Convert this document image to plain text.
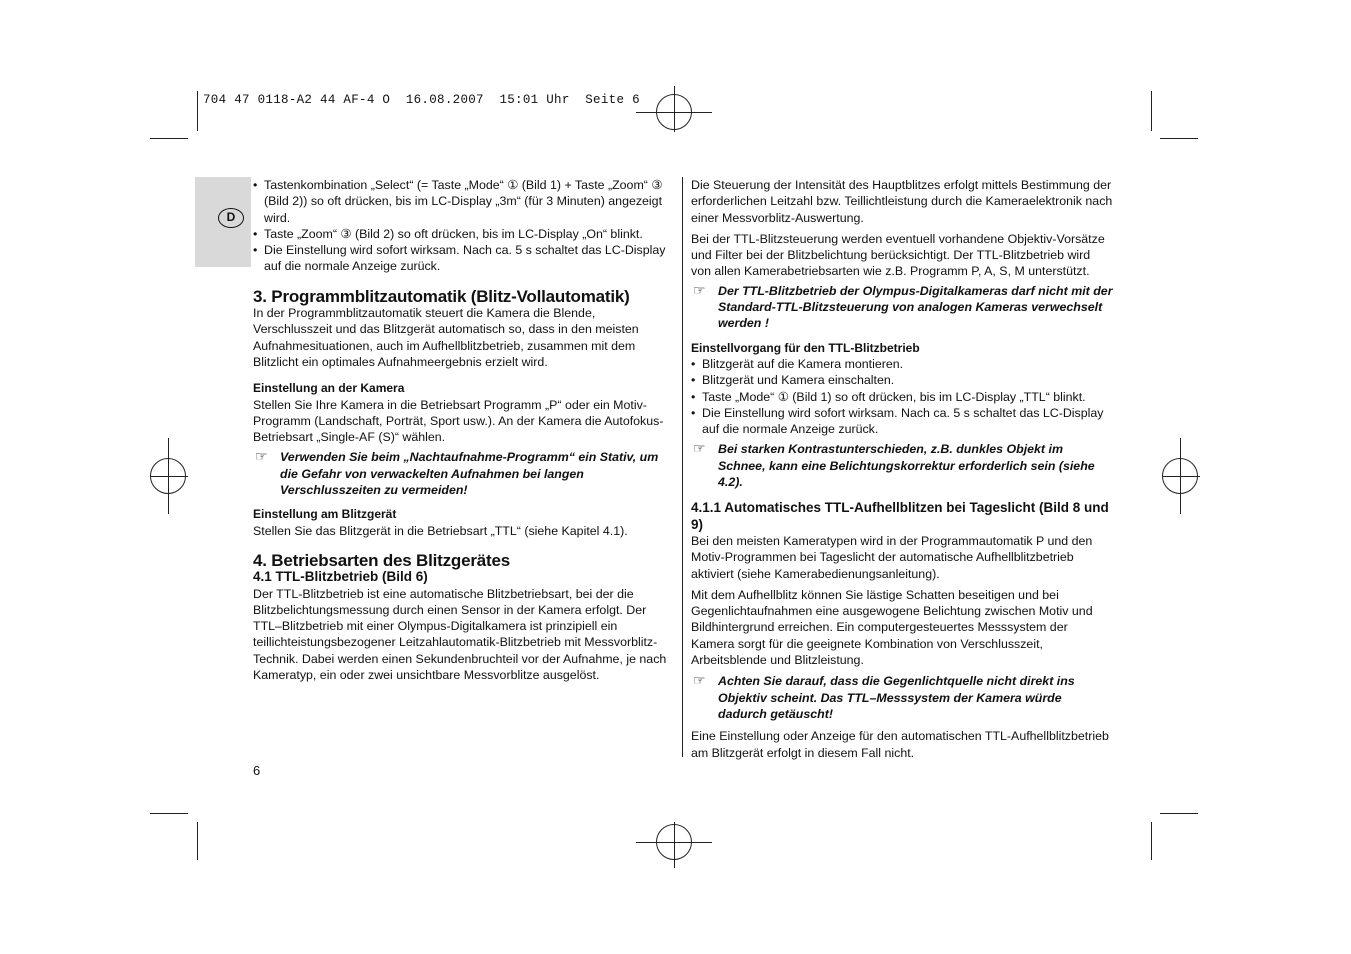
704 47 0118-A2 44 AF-4 O  16.08.2007  15:01 Uhr  Seite 6
D

• Tastenkombination „Select“ (= Taste „Mode“ ① (Bild 1) + Taste „Zoom“ ③ (Bild 2)) so oft drücken, bis im LC-Display „3m“ (für 3 Minuten) angezeigt wird.

• Taste „Zoom“ ③ (Bild 2) so oft drücken, bis im LC-Display „On“ blinkt.

• Die Einstellung wird sofort wirksam. Nach ca. 5 s schaltet das LC-Display auf die normale Anzeige zurück.

3. Programmblitzautomatik (Blitz-Vollautomatik)

In der Programmblitzautomatik steuert die Kamera die Blende, Verschlusszeit und das Blitzgerät automatisch so, dass in den meisten Aufnahmesituationen, auch im Aufhellblitzbetrieb, zusammen mit dem Blitzlicht ein optimales Aufnahmeergebnis erzielt wird.

Einstellung an der Kamera

Stellen Sie Ihre Kamera in die Betriebsart Programm „P“ oder ein Motiv-Programm (Landschaft, Porträt, Sport usw.). An der Kamera die Autofokus-Betriebsart „Single-AF (S)“ wählen.

☞ Verwenden Sie beim „Nachtaufnahme-Programm“ ein Stativ, um die Gefahr von verwackelten Aufnahmen bei langen Verschlusszeiten zu vermeiden!

Einstellung am Blitzgerät

Stellen Sie das Blitzgerät in die Betriebsart „TTL“ (siehe Kapitel 4.1).

4. Betriebsarten des Blitzgerätes

4.1 TTL-Blitzbetrieb (Bild 6)

Der TTL-Blitzbetrieb ist eine automatische Blitzbetriebsart, bei der die Blitzbelichtungsmessung durch einen Sensor in der Kamera erfolgt. Der TTL–Blitzbetrieb mit einer Olympus-Digitalkamera ist prinzipiell ein teillichteistungsbezogener Leitzahlautomatik-Blitzbetrieb mit Messvorblitz-Technik. Dabei werden einen Sekundenbruchteil vor der Aufnahme, je nach Kameratyp, ein oder zwei unsichtbare Messvorblitze ausgelöst.

Die Steuerung der Intensität des Hauptblitzes erfolgt mittels Bestimmung der erforderlichen Leitzahl bzw. Teillichtleistung durch die Kameraelektronik nach einer Messvorblitz-Auswertung.

Bei der TTL-Blitzsteuerung werden eventuell vorhandene Objektiv-Vorsätze und Filter bei der Blitzbelichtung berücksichtigt. Der TTL-Blitzbetrieb wird von allen Kamerabetriebsarten wie z.B. Programm P, A, S, M unterstützt.

☞ Der TTL-Blitzbetrieb der Olympus-Digitalkameras darf nicht mit der Standard-TTL-Blitzsteuerung von analogen Kameras verwechselt werden !

Einstellvorgang für den TTL-Blitzbetrieb

• Blitzgerät auf die Kamera montieren.

• Blitzgerät und Kamera einschalten.

• Taste „Mode“ ① (Bild 1) so oft drücken, bis im LC-Display „TTL“ blinkt.

• Die Einstellung wird sofort wirksam. Nach ca. 5 s schaltet das LC-Display auf die normale Anzeige zurück.

☞ Bei starken Kontrastunterschieden, z.B. dunkles Objekt im Schnee, kann eine Belichtungskorrektur erforderlich sein (siehe 4.2).

4.1.1 Automatisches TTL-Aufhellblitzen bei Tageslicht (Bild 8 und 9)

Bei den meisten Kameratypen wird in der Programmautomatik P und den Motiv-Programmen bei Tageslicht der automatische Aufhellblitzbetrieb aktiviert (siehe Kamerabedienungsanleitung).

Mit dem Aufhellblitz können Sie lästige Schatten beseitigen und bei Gegenlichtaufnahmen eine ausgewogene Belichtung zwischen Motiv und Bildhintergrund erreichen. Ein computergesteuertes Messsystem der Kamera sorgt für die geeignete Kombination von Verschlusszeit, Arbeitsblende und Blitzleistung.

☞ Achten Sie darauf, dass die Gegenlichtquelle nicht direkt ins Objektiv scheint. Das TTL–Messsystem der Kamera würde dadurch getäuscht!

Eine Einstellung oder Anzeige für den automatischen TTL-Aufhellblitzbetrieb am Blitzgerät erfolgt in diesem Fall nicht.

6
